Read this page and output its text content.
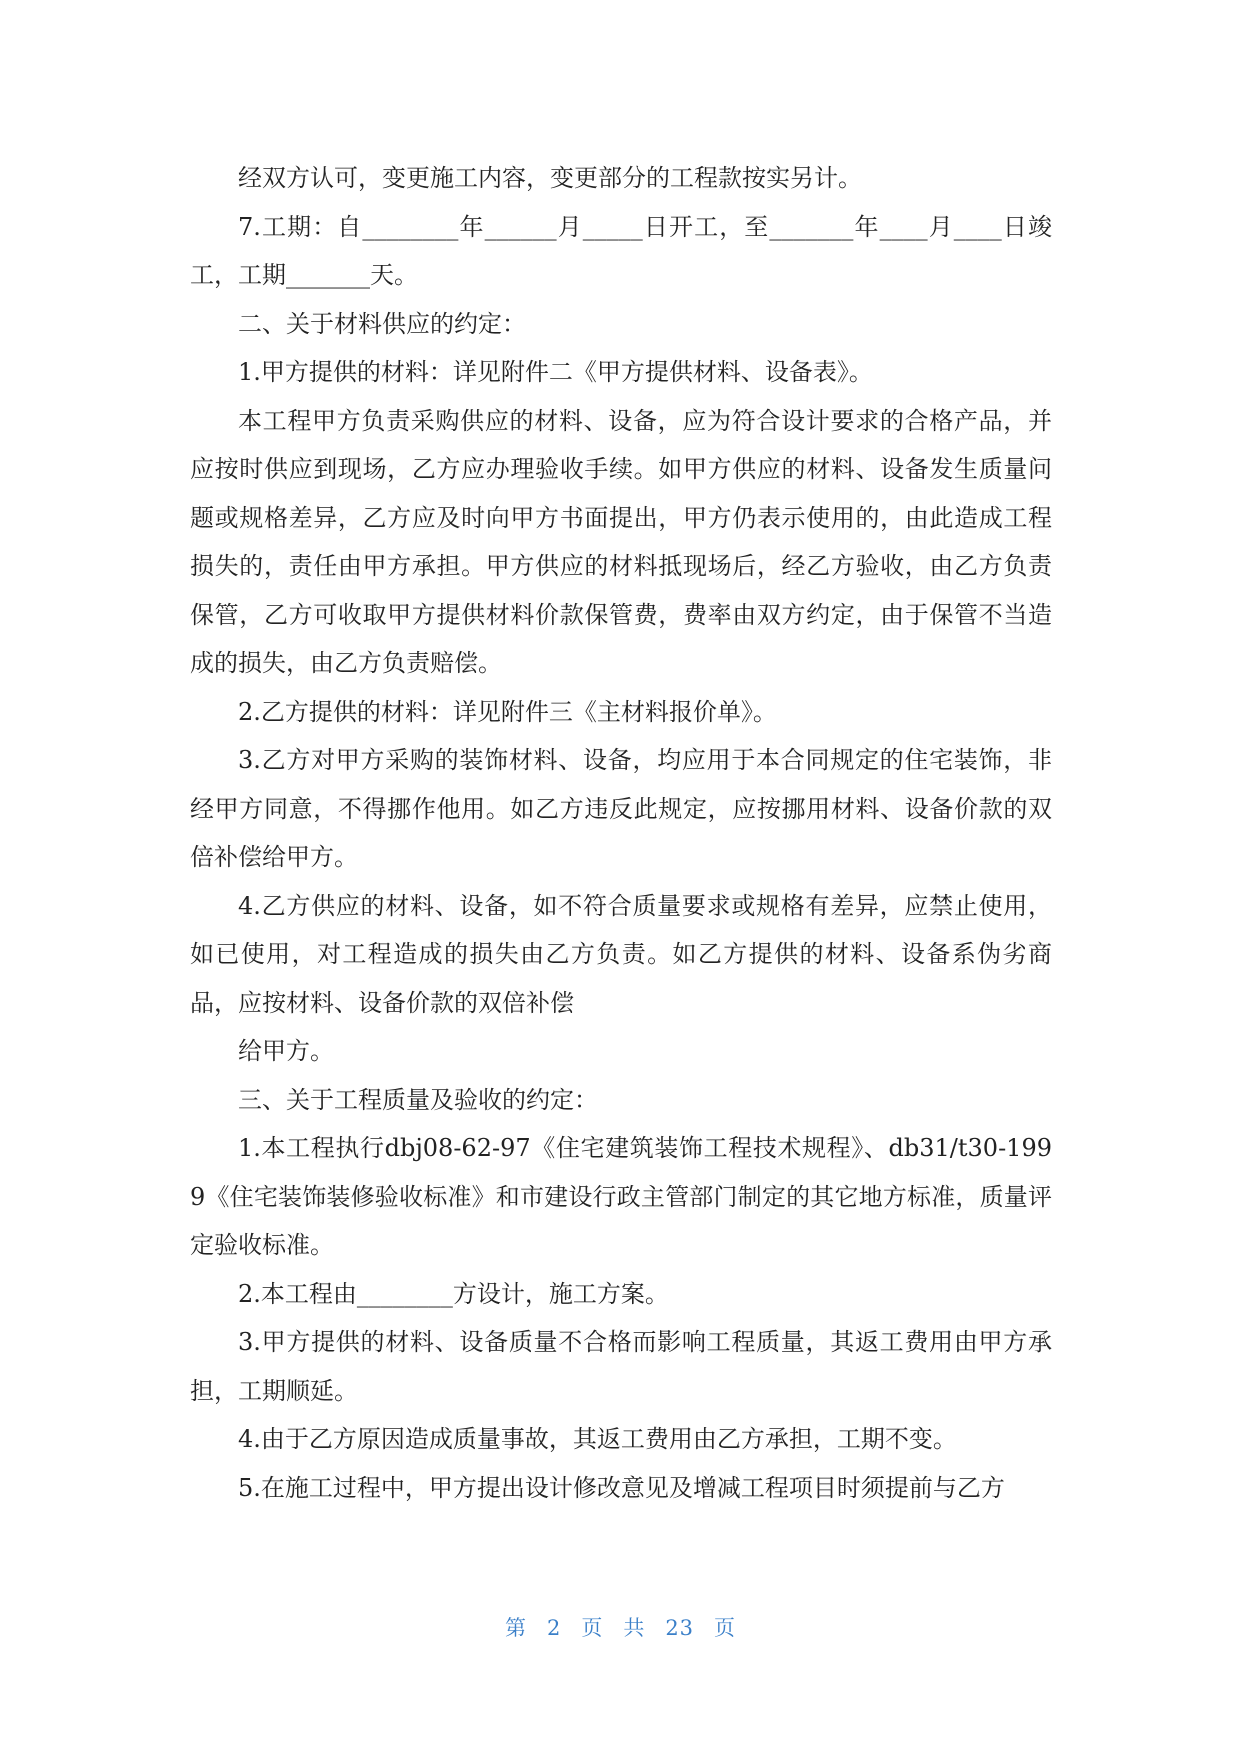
经双方认可，变更施工内容，变更部分的工程款按实另计。

7.工期：自________年______月_____日开工，至_______年____月____日竣工，工期_______天。

二、关于材料供应的约定：

1.甲方提供的材料：详见附件二《甲方提供材料、设备表》。

本工程甲方负责采购供应的材料、设备，应为符合设计要求的合格产品，并应按时供应到现场，乙方应办理验收手续。如甲方供应的材料、设备发生质量问题或规格差异，乙方应及时向甲方书面提出，甲方仍表示使用的，由此造成工程损失的，责任由甲方承担。甲方供应的材料抵现场后，经乙方验收，由乙方负责保管，乙方可收取甲方提供材料价款保管费，费率由双方约定，由于保管不当造成的损失，由乙方负责赔偿。

2.乙方提供的材料：详见附件三《主材料报价单》。

3.乙方对甲方采购的装饰材料、设备，均应用于本合同规定的住宅装饰，非经甲方同意，不得挪作他用。如乙方违反此规定，应按挪用材料、设备价款的双倍补偿给甲方。

4.乙方供应的材料、设备，如不符合质量要求或规格有差异，应禁止使用，如已使用，对工程造成的损失由乙方负责。如乙方提供的材料、设备系伪劣商品，应按材料、设备价款的双倍补偿

给甲方。

三、关于工程质量及验收的约定：

1.本工程执行dbj08-62-97《住宅建筑装饰工程技术规程》、db31/t30-1999《住宅装饰装修验收标准》和市建设行政主管部门制定的其它地方标准，质量评定验收标准。

2.本工程由________方设计，施工方案。

3.甲方提供的材料、设备质量不合格而影响工程质量，其返工费用由甲方承担，工期顺延。

4.由于乙方原因造成质量事故，其返工费用由乙方承担，工期不变。

5.在施工过程中，甲方提出设计修改意见及增减工程项目时须提前与乙方

第 2 页 共 23 页
